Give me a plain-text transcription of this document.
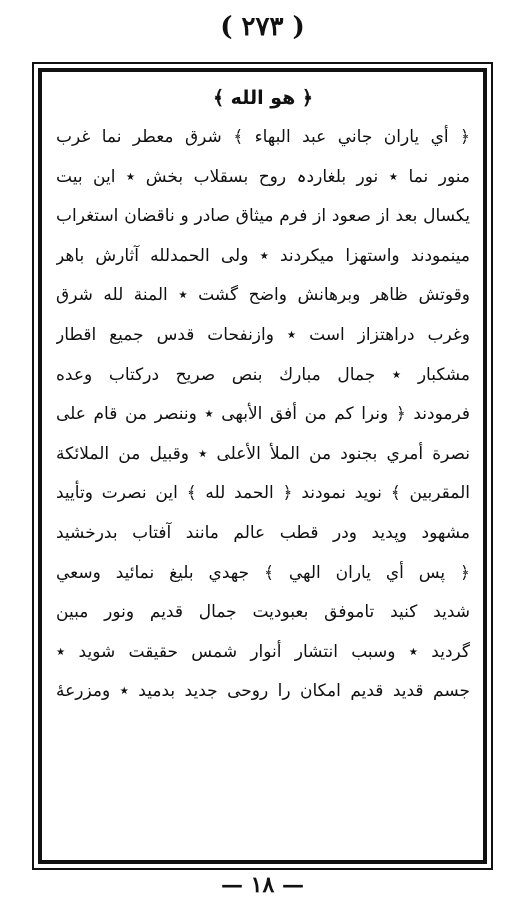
( ٢٧٣ )
﴿ هو الله ﴾
﴿ أي ياران جاني عبد البهاء ﴾ شرق معطر نما غرب
منور نما ٭ نور بلغاردہ روح بسقلاب بخش ٭ این بیت
یکسال بعد از صعود از فرم میثاق صادر و ناقضان استغراب
مینمودند واستهزا میکردند ٭ ولی الحمدلله آثارش باهر
وقوتش ظاهر وبرهانش واضح گشت ٭ المنة لله شرق
وغرب دراهتزاز است ٭ وازنفحات قدس جمیع اقطار
مشکبار ٭ جمال مبارك بنص صریح درکتاب وعده
فرمودند ﴿ ونرا کم من أفق الأبهی ٭ وننصر من قام علی
نصرة أمري بجنود من الملأ الأعلی ٭ وقبیل من الملائکة
المقربین ﴾ نوید نمودند ﴿ الحمد لله ﴾ این نصرت وتأیید
مشهود وپدید ودر قطب عالم مانند آفتاب بدرخشید
﴿ پس أي یاران الهي ﴾ جهدي بلیغ نمائید وسعي
شدید کنید تاموفق بعبودیت جمال قدیم ونور مبین
گردید ٭ وسبب انتشار أنوار شمس حقیقت شوید ٭
جسم قدید قدیم امکان را روحی جدید بدمید ٭ ومزرعهٔ
— ١٨ —
